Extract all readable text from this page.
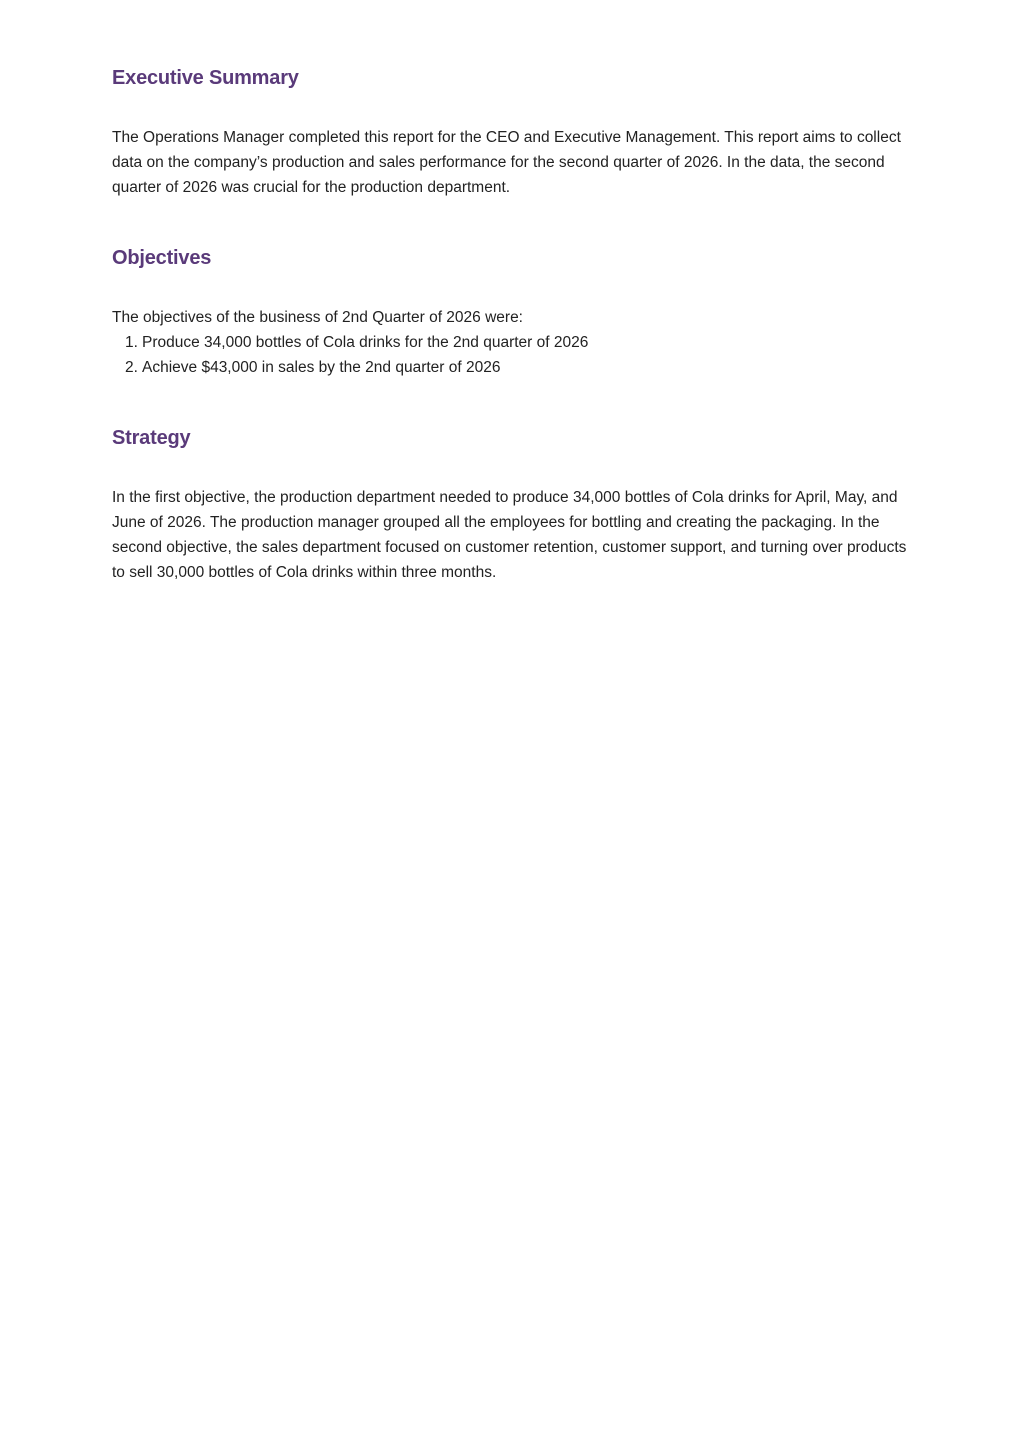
Executive Summary

The Operations Manager completed this report for the CEO and Executive Management. This report aims to collect data on the company’s production and sales performance for the second quarter of 2026. In the data, the second quarter of 2026 was crucial for the production department.

Objectives

The objectives of the business of 2nd Quarter of 2026 were:

1. Produce 34,000 bottles of Cola drinks for the 2nd quarter of 2026
2. Achieve $43,000 in sales by the 2nd quarter of 2026
Strategy

In the first objective, the production department needed to produce 34,000 bottles of Cola drinks for April, May, and June of 2026. The production manager grouped all the employees for bottling and creating the packaging. In the second objective, the sales department focused on customer retention, customer support, and turning over products to sell 30,000 bottles of Cola drinks within three months.
